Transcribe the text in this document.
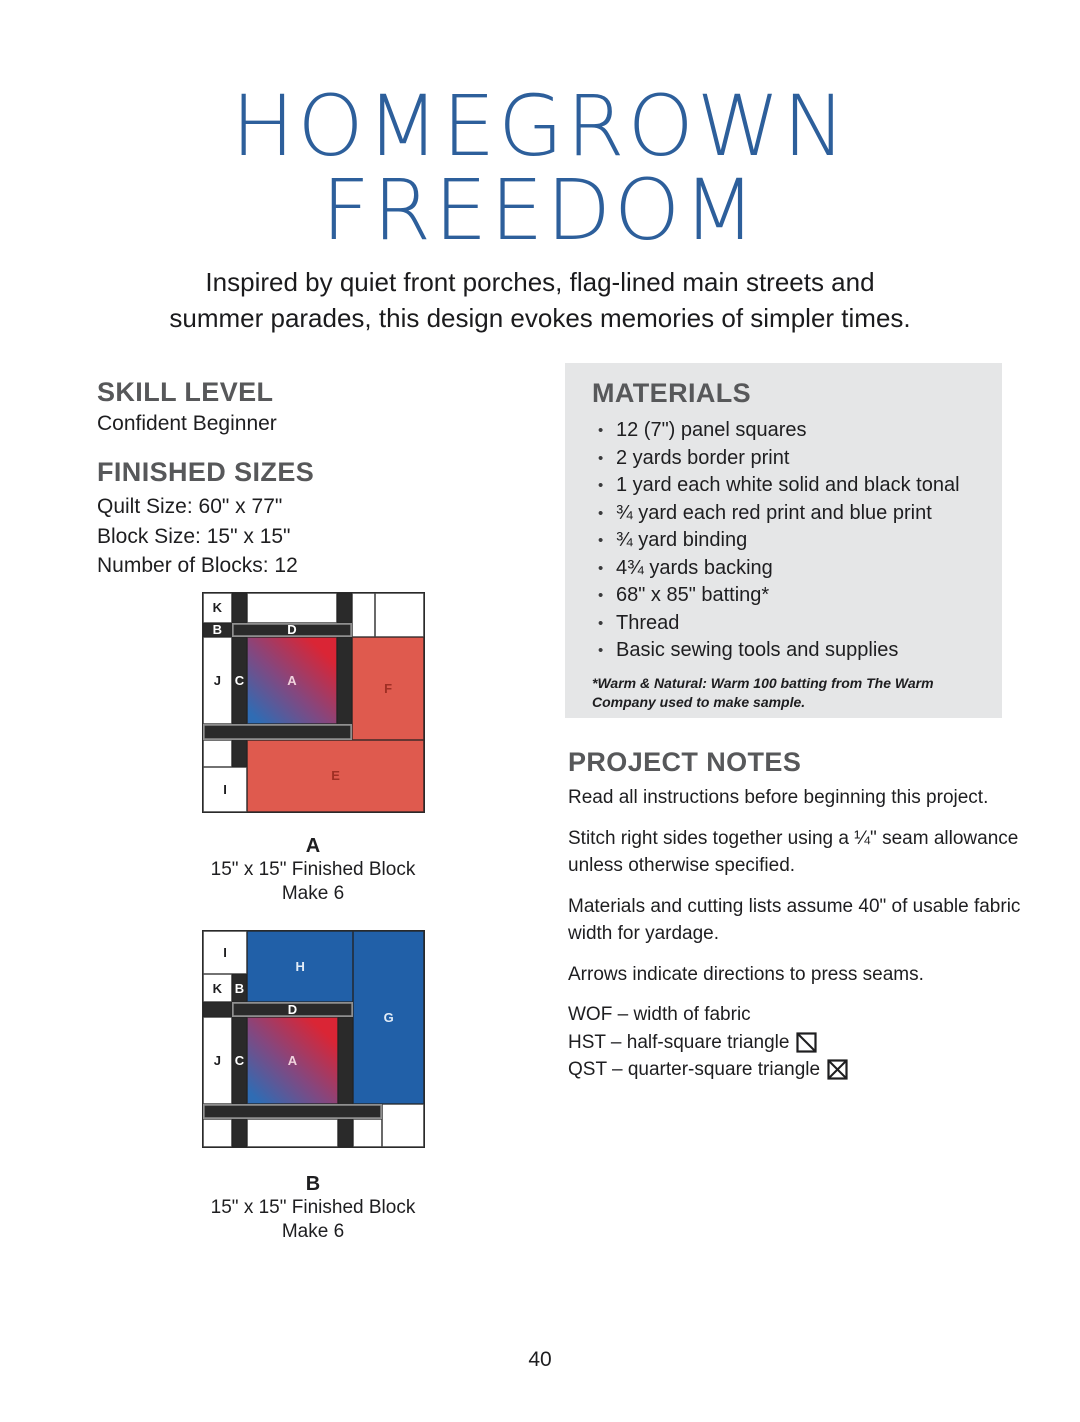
HOMEGROWN
FREEDOM
Inspired by quiet front porches, flag-lined main streets and summer parades, this design evokes memories of simpler times.
SKILL LEVEL
Confident Beginner
FINISHED SIZES
Quilt Size: 60" x 77"
Block Size: 15" x 15"
Number of Blocks: 12
K
B	D
J C	A
F
I
E
A
15" x 15" Finished Block
Make 6
I
H
G
K B
D
J C	A
B
15" x 15" Finished Block
Make 6
MATERIALS
• 12 (7") panel squares
• 2 yards border print
• 1 yard each white solid and black tonal
• ¾ yard each red print and blue print
• ¾ yard binding
• 4¾ yards backing
• 68" x 85" batting*
• Thread
• Basic sewing tools and supplies
*Warm & Natural: Warm 100 batting from The Warm Company used to make sample.
PROJECT NOTES

Read all instructions before beginning this project.

Stitch right sides together using a ¼" seam allowance unless otherwise specified.

Materials and cutting lists assume 40" of usable fabric width for yardage.

Arrows indicate directions to press seams.

WOF – width of fabric
HST – half-square triangle
QST – quarter-square triangle
40
